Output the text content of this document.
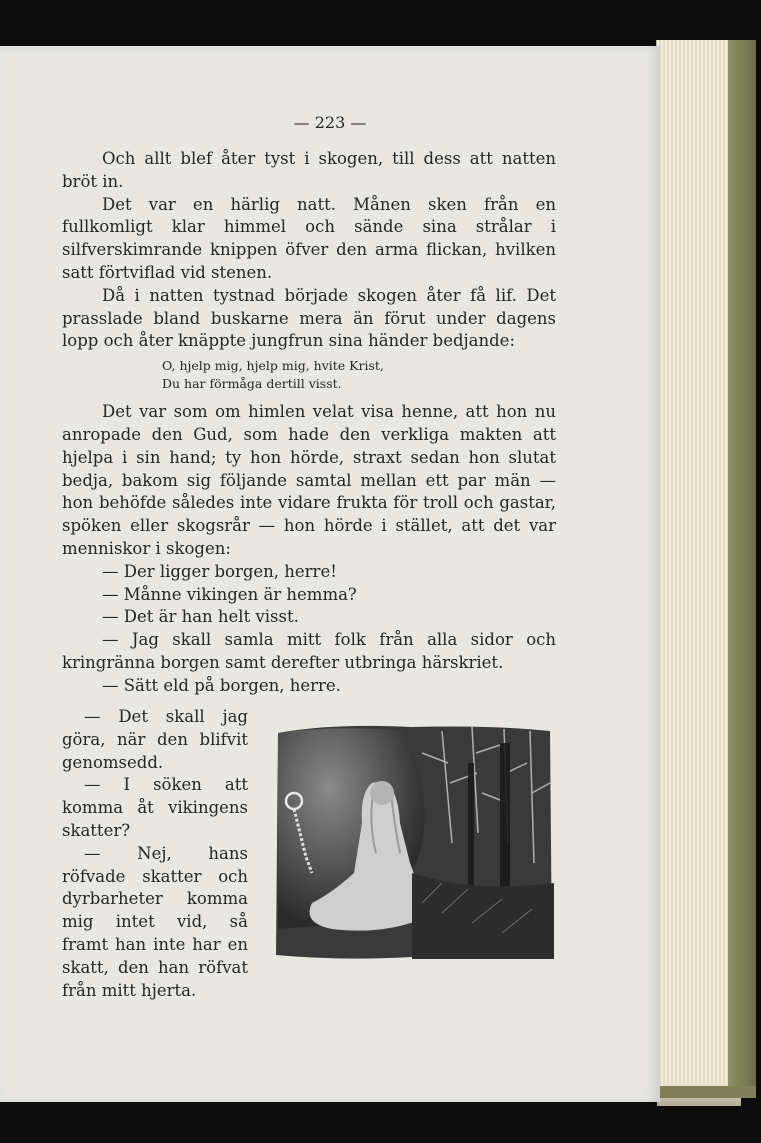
— 223 —

Och allt blef åter tyst i skogen, till dess att natten bröt in.

Det var en härlig natt. Månen sken från en fullkomligt klar himmel och sände sina strålar i silfverskimrande knippen öfver den arma flickan, hvilken satt förtviflad vid stenen.

Då i natten tystnad började skogen åter få lif. Det prasslade bland buskarne mera än förut under dagens lopp och åter knäppte jungfrun sina händer bedjande:

O, hjelp mig, hjelp mig, hvite Krist,
Du har förmåga dertill visst.

Det var som om himlen velat visa henne, att hon nu anropade den Gud, som hade den verkliga makten att hjelpa i sin hand; ty hon hörde, straxt sedan hon slutat bedja, bakom sig följande samtal mellan ett par män — hon behöfde således inte vidare frukta för troll och gastar, spöken eller skogsrår — hon hörde i stället, att det var menniskor i skogen:

— Der ligger borgen, herre!

— Månne vikingen är hemma?

— Det är han helt visst.

— Jag skall samla mitt folk från alla sidor och kringränna borgen samt derefter utbringa härskriet.

— Sätt eld på borgen, herre.

— Det skall jag göra, när den blifvit genomsedd.

— I söken att komma åt vikingens skatter?

— Nej, hans röfvade skatter och dyrbarheter komma mig intet vid, så framt han inte har en skatt, den han röfvat från mitt hjerta.
